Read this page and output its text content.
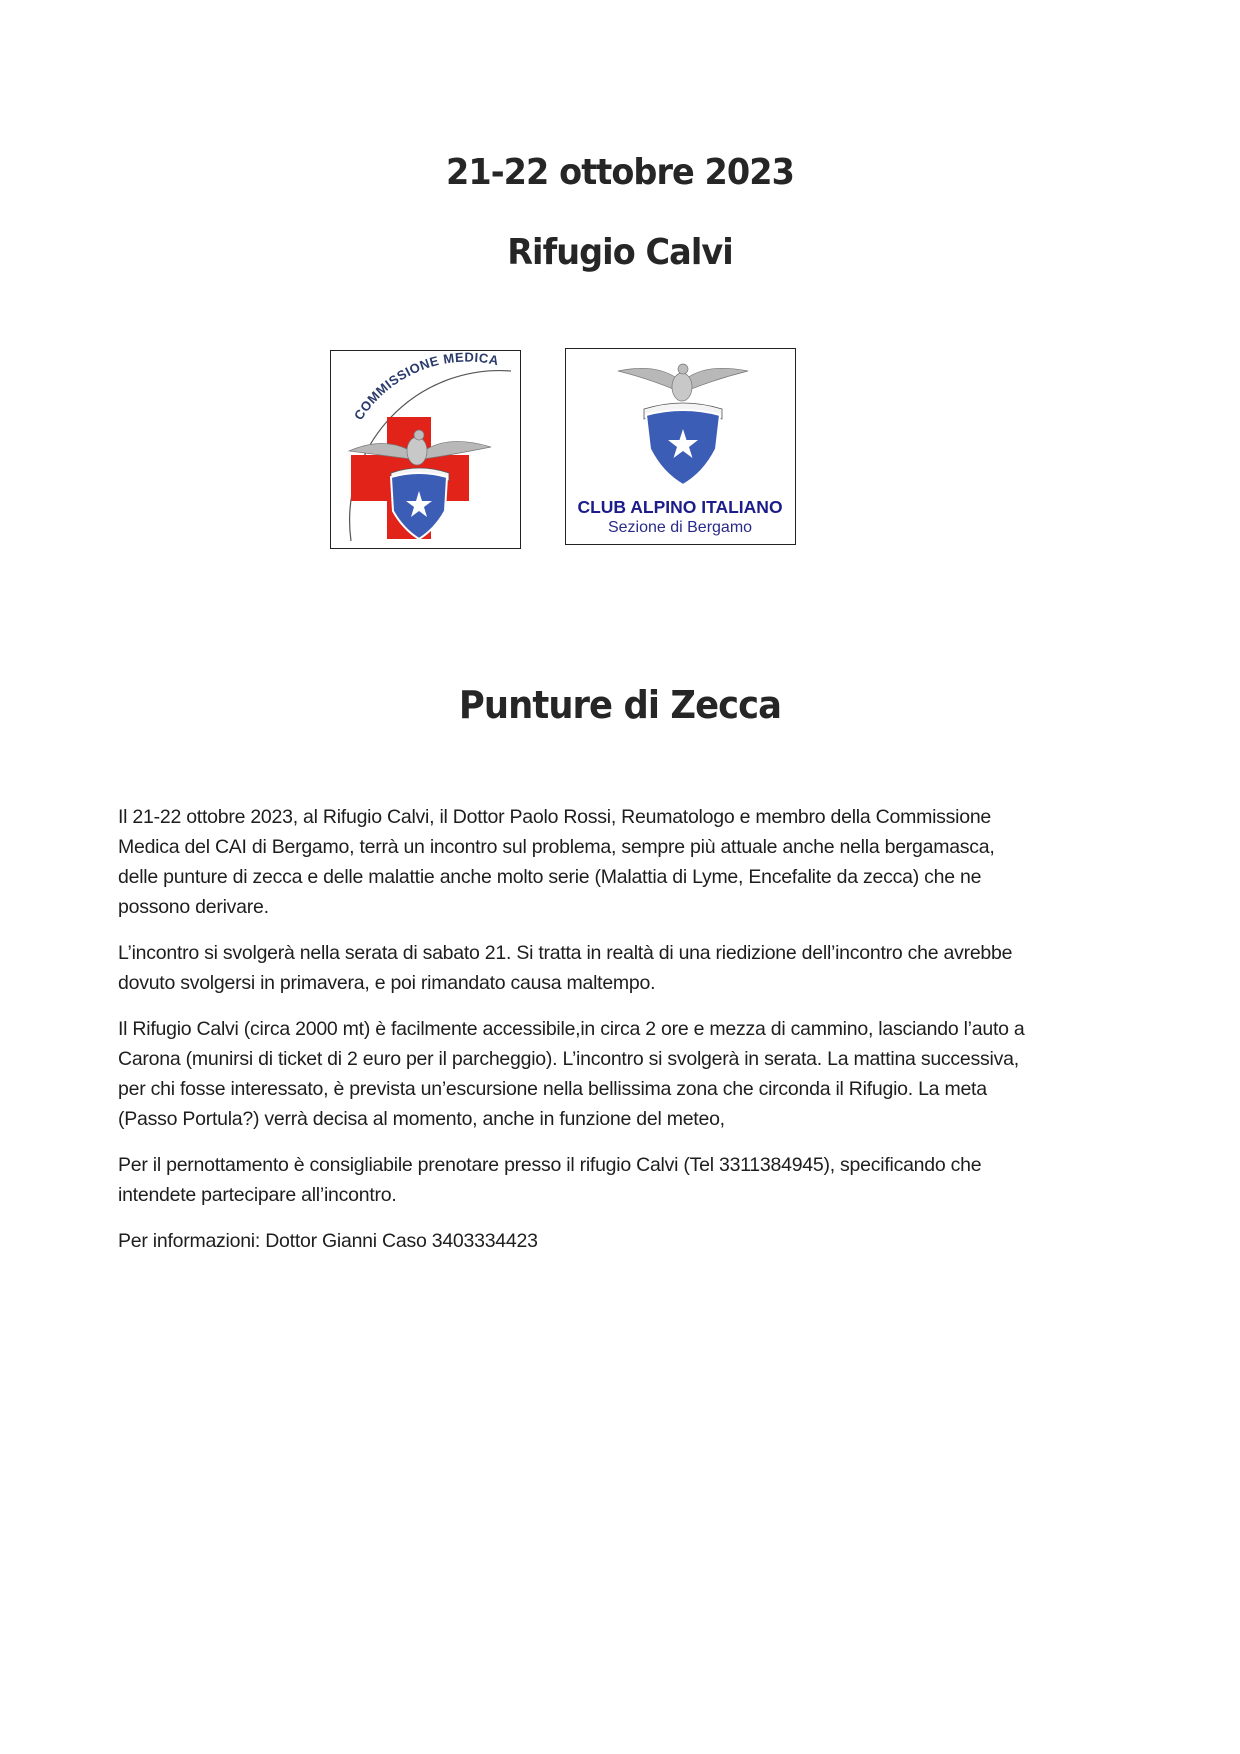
21-22 ottobre 2023
Rifugio Calvi
COMMISSIONE MEDICA
CLUB ALPINO ITALIANO
Sezione di Bergamo
Punture di Zecca

Il 21-22 ottobre 2023, al Rifugio Calvi, il Dottor Paolo Rossi, Reumatologo e membro della Commissione
Medica del CAI di Bergamo, terrà un incontro sul problema, sempre più attuale anche nella bergamasca,
delle punture di zecca e delle malattie anche molto serie (Malattia di Lyme, Encefalite da zecca) che ne
possono derivare.

L’incontro si svolgerà nella serata di sabato 21. Si tratta in realtà di una riedizione dell’incontro che avrebbe
dovuto svolgersi in primavera, e poi rimandato causa maltempo.

Il Rifugio Calvi (circa 2000 mt) è facilmente accessibile,in circa 2 ore e mezza di cammino, lasciando l’auto a
Carona (munirsi di ticket di 2 euro per il parcheggio). L’incontro si svolgerà in serata. La mattina successiva,
per chi fosse interessato, è prevista un’escursione nella bellissima zona che circonda il Rifugio. La meta
(Passo Portula?) verrà decisa al momento, anche in funzione del meteo,

Per il pernottamento è consigliabile prenotare presso il rifugio Calvi (Tel 3311384945), specificando che
intendete partecipare all’incontro.

Per informazioni: Dottor Gianni Caso 3403334423
